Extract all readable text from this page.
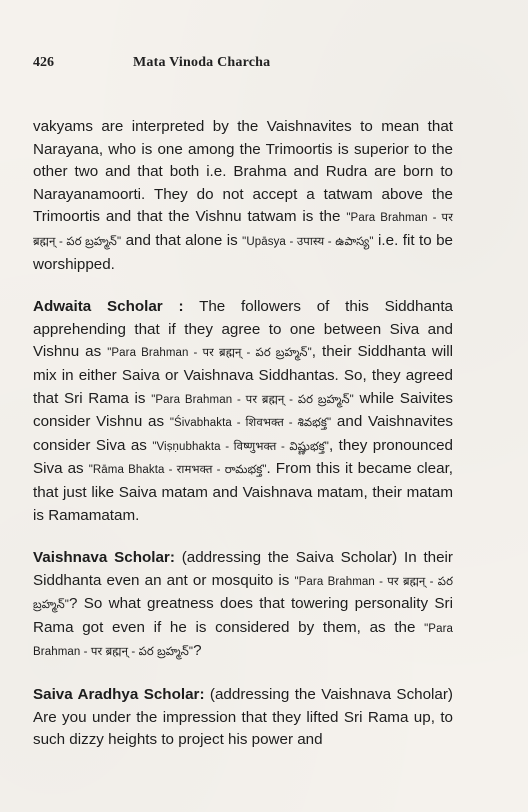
426	Mata Vinoda Charcha

vakyams are interpreted by the Vaishnavites to mean that Narayana, who is one among the Trimoortis is superior to the other two and that both i.e. Brahma and Rudra are born to Narayanamoorti. They do not accept a tatwam above the Trimoortis and that the Vishnu tatwam is the "Para Brahman - पर ब्रह्मन् - పర బ్రహ్మన్" and that alone is "Upāsya - उपास्य - ఉపాస్య" i.e. fit to be worshipped.

Adwaita Scholar : The followers of this Siddhanta apprehending that if they agree to one between Siva and Vishnu as "Para Brahman - पर ब्रह्मन् - పర బ్రహ్మన్", their Siddhanta will mix in either Saiva or Vaishnava Siddhantas. So, they agreed that Sri Rama is "Para Brahman - पर ब्रह्मन् - పర బ్రహ్మన్" while Saivites consider Vishnu as "Śivabhakta - शिवभक्त - శివభక్త" and Vaishnavites consider Siva as "Viṣṇubhakta - विष्णुभक्त - విష్ణుభక్త", they pronounced Siva as "Rāma Bhakta - रामभक्त - రామభక్త". From this it became clear, that just like Saiva matam and Vaishnava matam, their matam is Ramamatam.

Vaishnava Scholar: (addressing the Saiva Scholar) In their Siddhanta even an ant or mosquito is "Para Brahman - पर ब्रह्मन् - పర బ్రహ్మన్"? So what greatness does that towering personality Sri Rama got even if he is considered by them, as the "Para Brahman - पर ब्रह्मन् - పర బ్రహ్మన్"?

Saiva Aradhya Scholar: (addressing the Vaishnava Scholar) Are you under the impression that they lifted Sri Rama up, to such dizzy heights to project his power and
